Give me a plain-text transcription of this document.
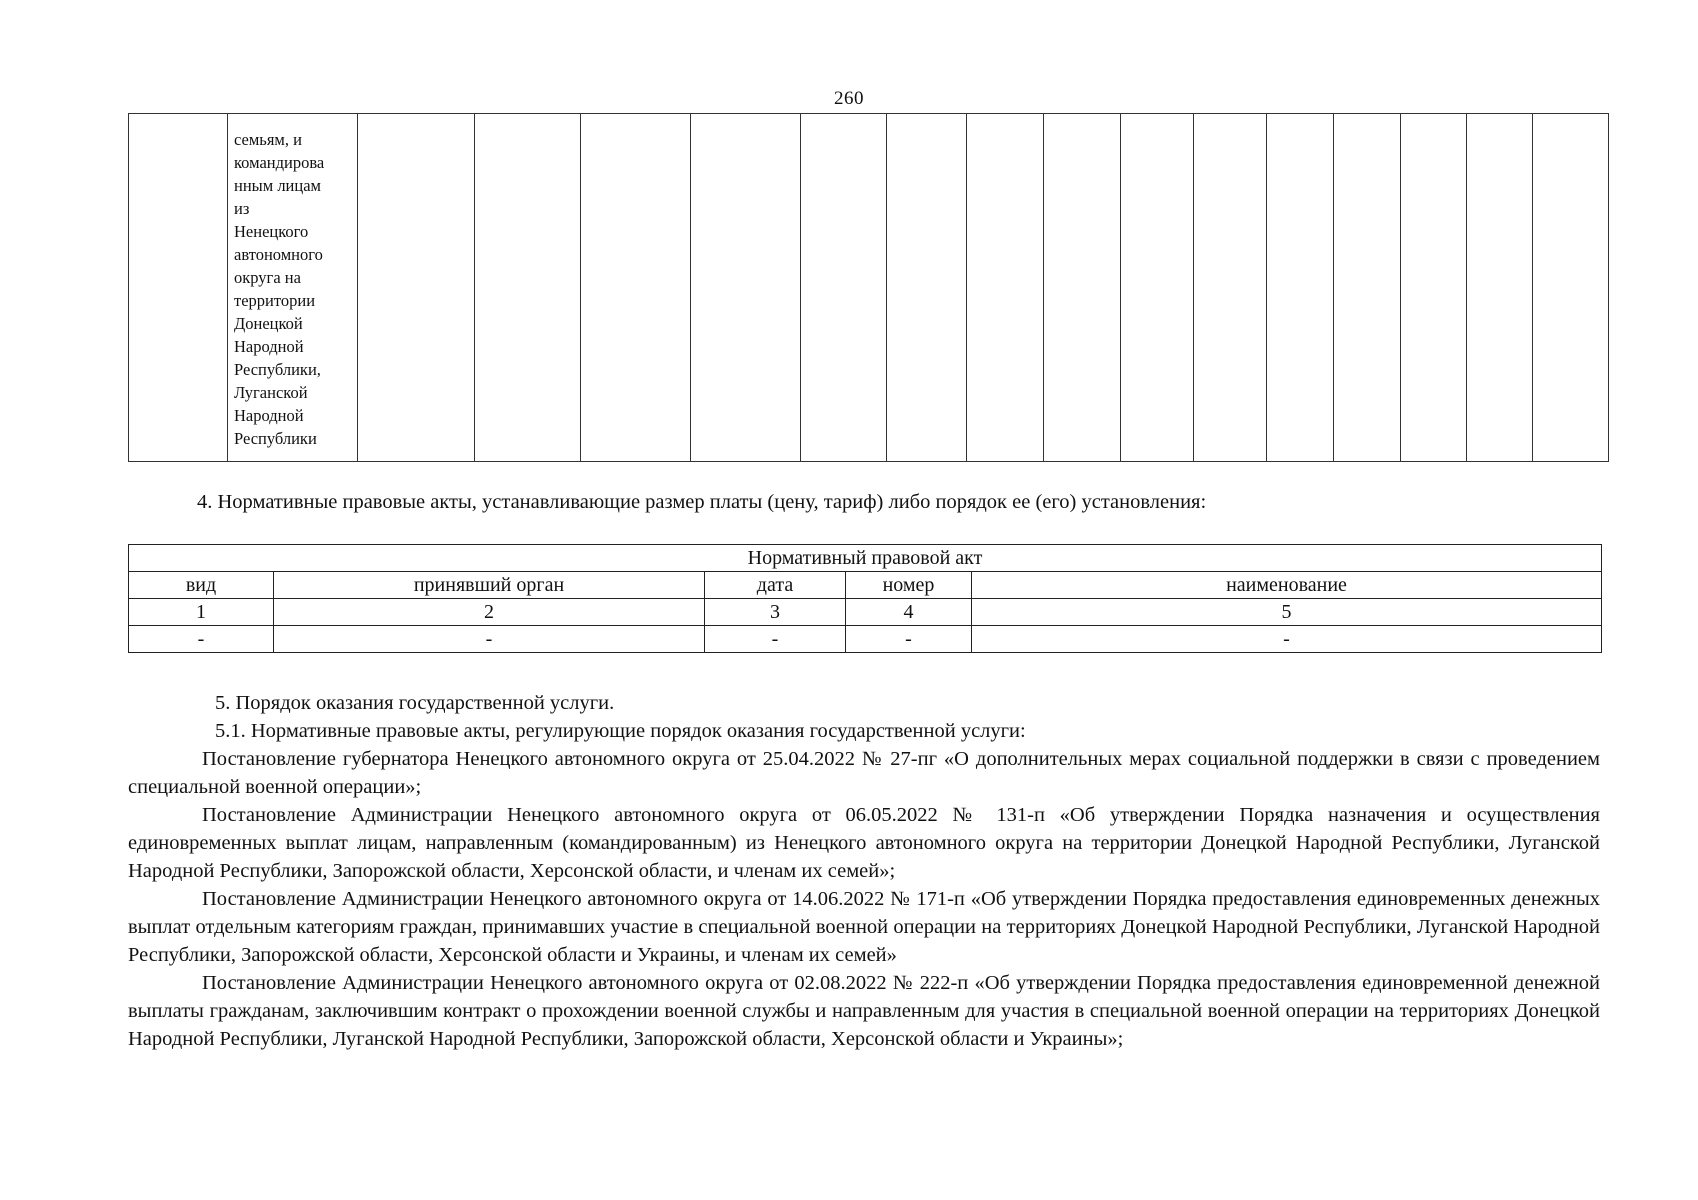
260

семьям, и
командирова
нным лицам
из
Ненецкого
автономного
округа на
территории
Донецкой
Народной
Республики,
Луганской
Народной
Республики

4. Нормативные правовые акты, устанавливающие размер платы (цену, тариф) либо порядок ее (его) установления:
Нормативный правовой акт				
вид	принявший орган	дата	номер	наименование
1	2	3	4	5
-	-	-	-	-

5. Порядок оказания государственной услуги.

5.1. Нормативные правовые акты, регулирующие порядок оказания государственной услуги:

Постановление губернатора Ненецкого автономного округа от 25.04.2022 № 27-пг «О дополнительных мерах социальной поддержки в связи с проведением специальной военной операции»;

Постановление Администрации Ненецкого автономного округа от 06.05.2022 № 131-п «Об утверждении Порядка назначения и осуществления единовременных выплат лицам, направленным (командированным) из Ненецкого автономного округа на территории Донецкой Народной Республики, Луганской Народной Республики, Запорожской области, Херсонской области, и членам их семей»;

Постановление Администрации Ненецкого автономного округа от 14.06.2022 № 171-п «Об утверждении Порядка предоставления единовременных денежных выплат отдельным категориям граждан, принимавших участие в специальной военной операции на территориях Донецкой Народной Республики, Луганской Народной Республики, Запорожской области, Херсонской области и Украины, и членам их семей»

Постановление Администрации Ненецкого автономного округа от 02.08.2022 № 222-п «Об утверждении Порядка предоставления единовременной денежной выплаты гражданам, заключившим контракт о прохождении военной службы и направленным для участия в специальной военной операции на территориях Донецкой Народной Республики, Луганской Народной Республики, Запорожской области, Херсонской области и Украины»;
